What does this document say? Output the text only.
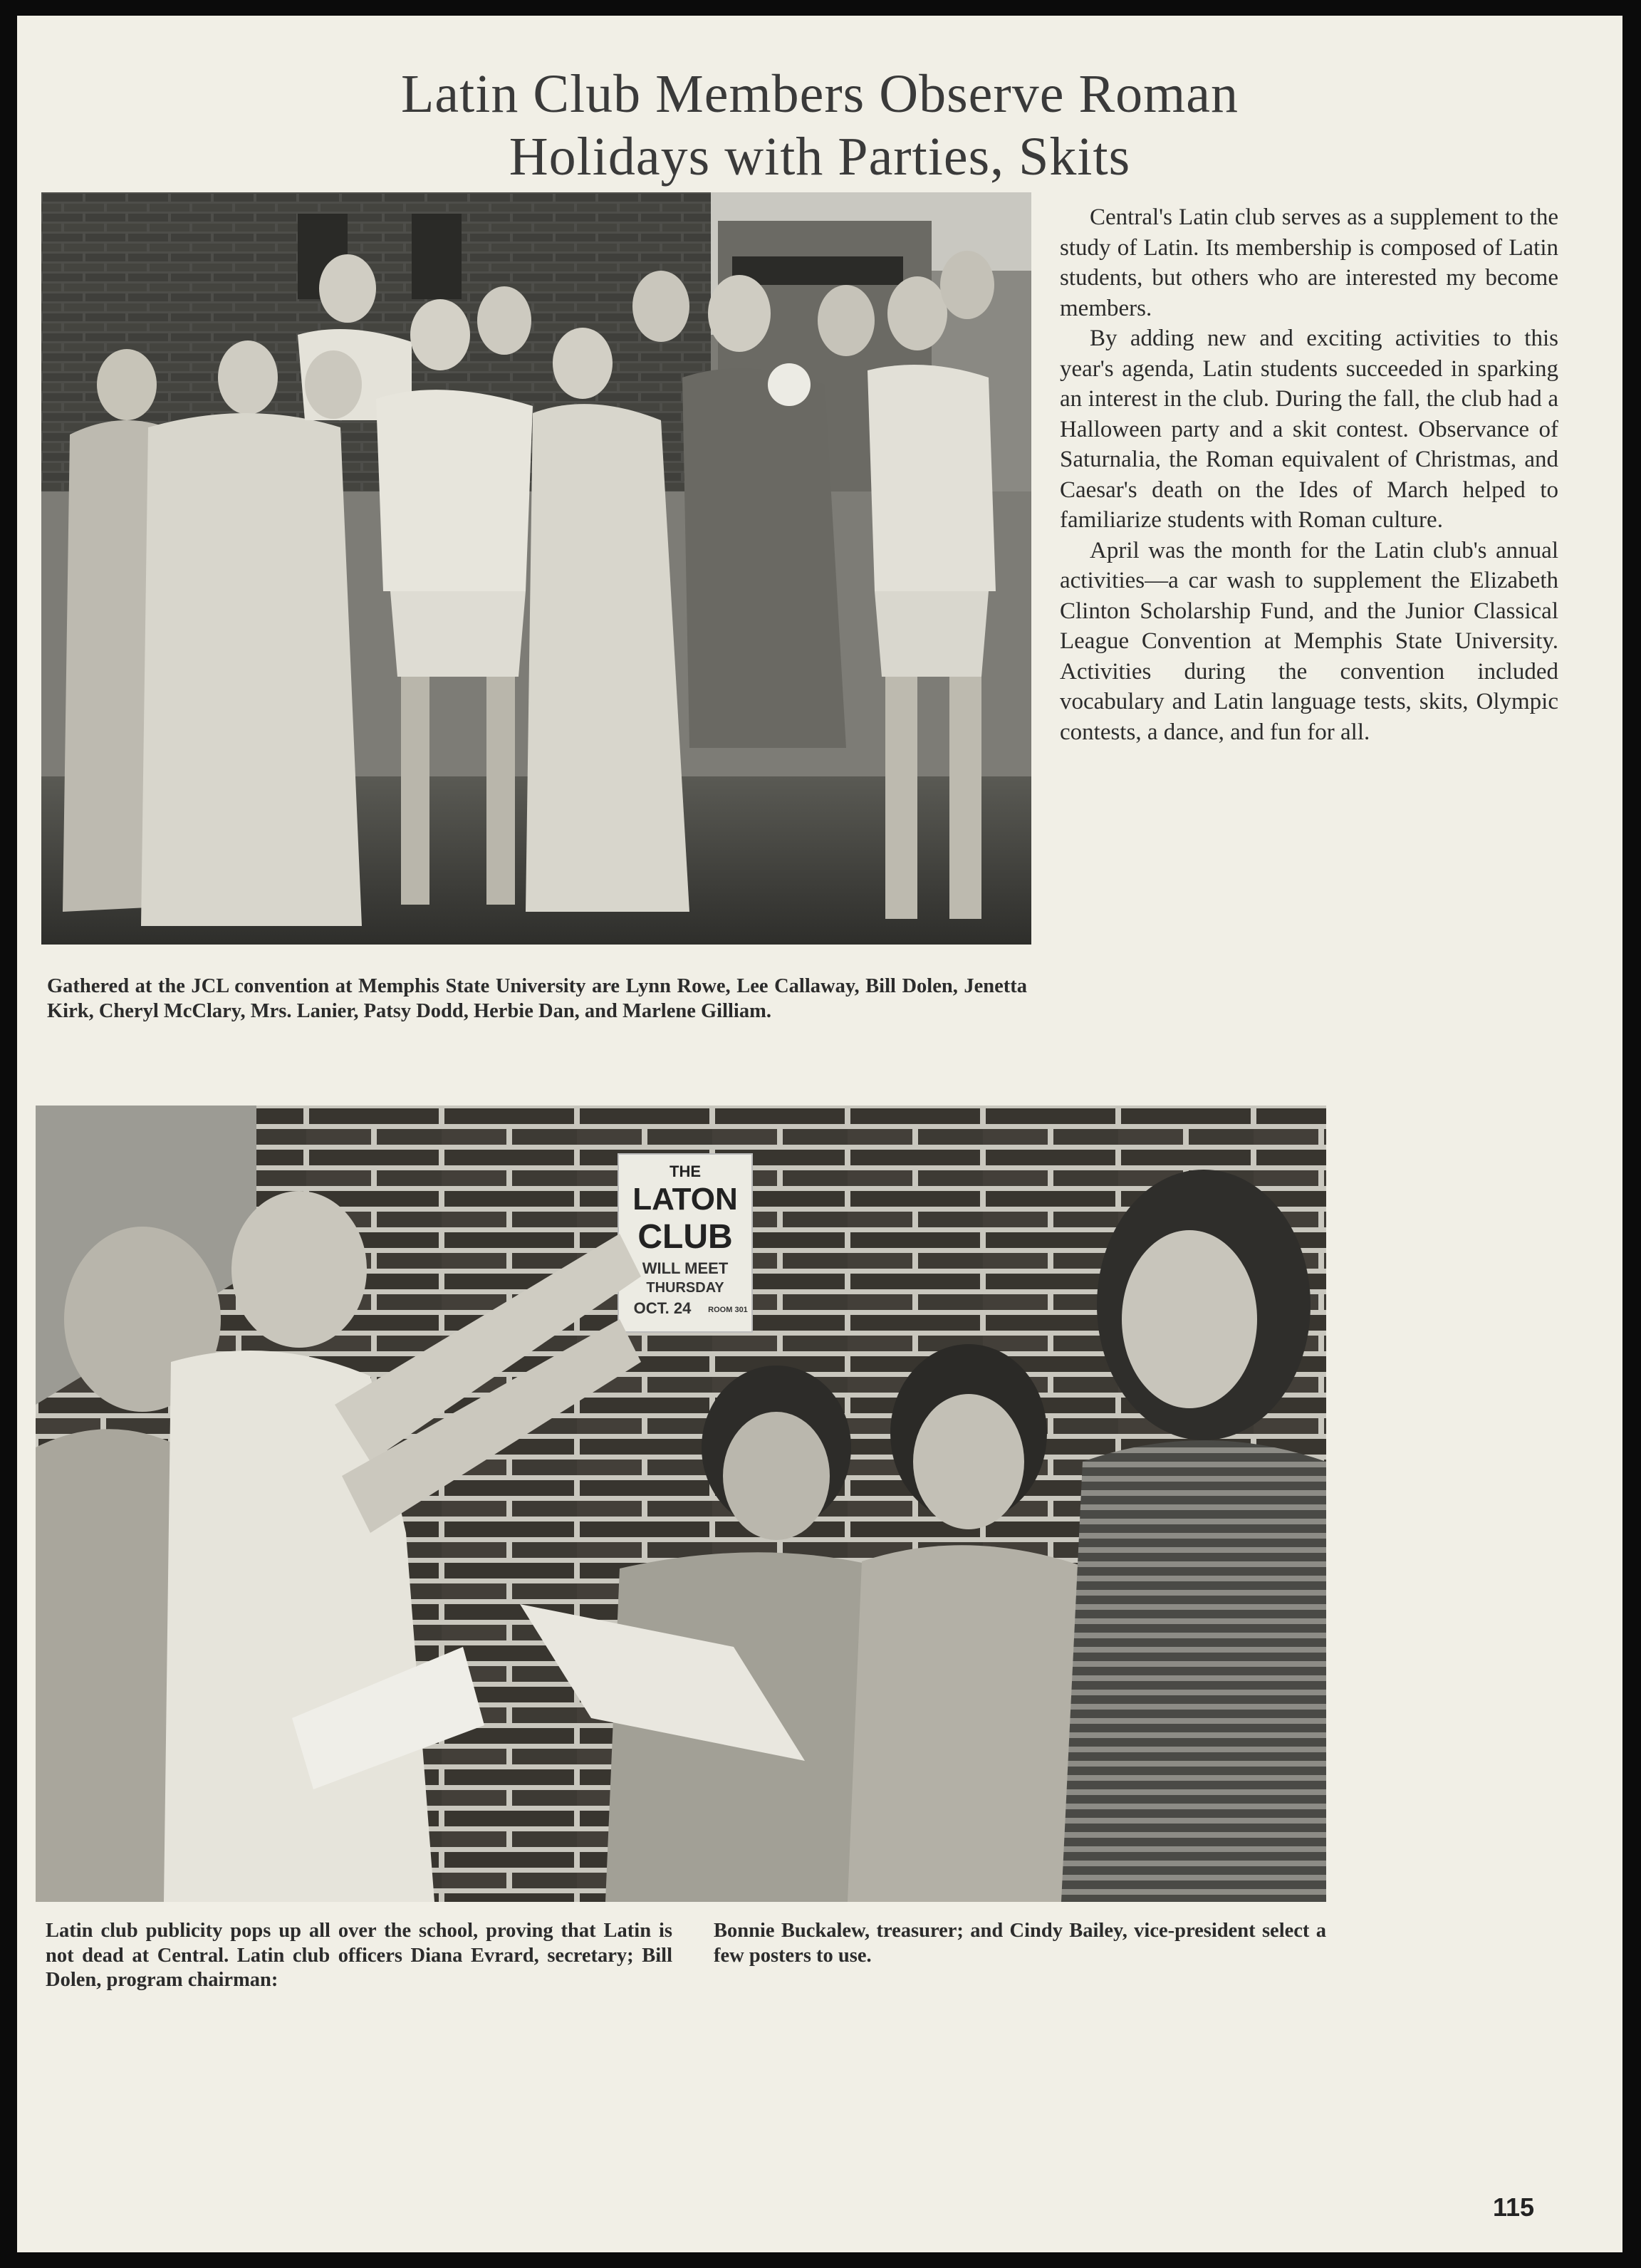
Latin Club Members Observe Roman
Holidays with Parties, Skits

Central's Latin club serves as a supplement to the study of Latin. Its membership is composed of Latin students, but others who are interested my become members.

By adding new and exciting activities to this year's agenda, Latin students succeeded in sparking an interest in the club. During the fall, the club had a Halloween party and a skit contest. Observance of Saturnalia, the Roman equivalent of Christmas, and Caesar's death on the Ides of March helped to familiarize students with Roman culture.

April was the month for the Latin club's annual activities—a car wash to supplement the Elizabeth Clinton Scholarship Fund, and the Junior Classical League Convention at Memphis State University. Activities during the convention included vocabulary and Latin language tests, skits, Olympic contests, a dance, and fun for all.

Gathered at the JCL convention at Memphis State University are Lynn Rowe, Lee Callaway, Bill Dolen, Jenetta Kirk, Cheryl McClary, Mrs. Lanier, Patsy Dodd, Herbie Dan, and Marlene Gilliam.
THE
LATON
CLUB
WILL MEET
THURSDAY
OCT. 24 ROOM 301
Latin club publicity pops up all over the school, proving that Latin is not dead at Central. Latin club officers Diana Evrard, secretary; Bill Dolen, program chairman:
Bonnie Buckalew, treasurer; and Cindy Bailey, vice-president select a few posters to use.
115
